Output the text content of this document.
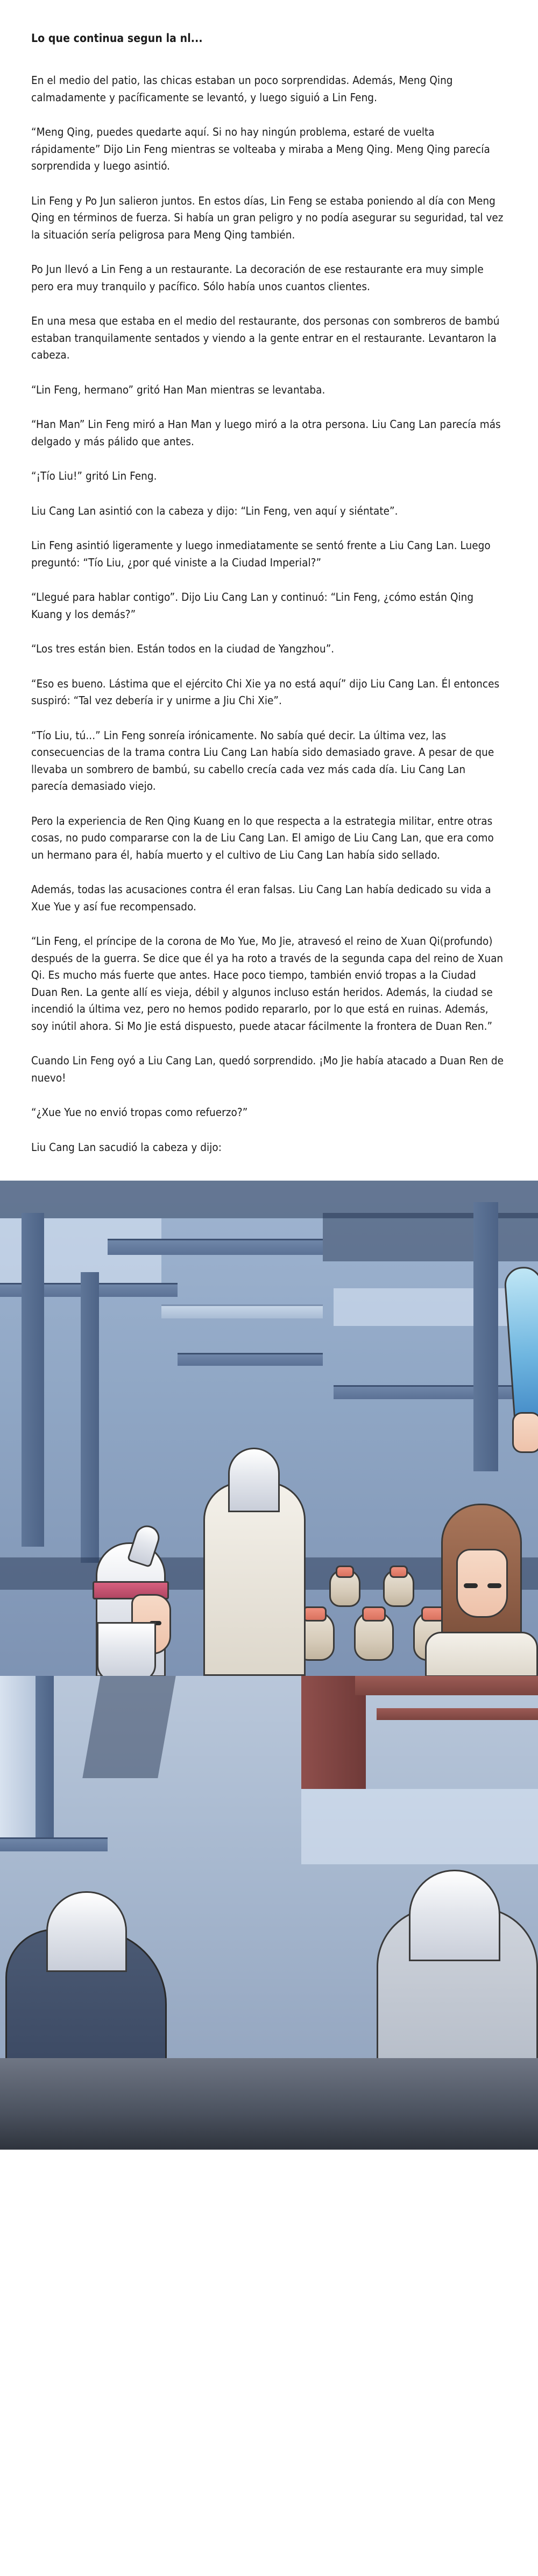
Lo que continua segun la nl...

En el medio del patio, las chicas estaban un poco sorprendidas. Además, Meng Qing calmadamente y pacíficamente se levantó, y luego siguió a Lin Feng.

“Meng Qing, puedes quedarte aquí. Si no hay ningún problema, estaré de vuelta rápidamente” Dijo Lin Feng mientras se volteaba y miraba a Meng Qing. Meng Qing parecía sorprendida y luego asintió.

Lin Feng y Po Jun salieron juntos. En estos días, Lin Feng se estaba poniendo al día con Meng Qing en términos de fuerza. Si había un gran peligro y no podía asegurar su seguridad, tal vez la situación sería peligrosa para Meng Qing también.

Po Jun llevó a Lin Feng a un restaurante. La decoración de ese restaurante era muy simple pero era muy tranquilo y pacífico. Sólo había unos cuantos clientes.

En una mesa que estaba en el medio del restaurante, dos personas con sombreros de bambú estaban tranquilamente sentados y viendo a la gente entrar en el restaurante. Levantaron la cabeza.

“Lin Feng, hermano” gritó Han Man mientras se levantaba.

“Han Man” Lin Feng miró a Han Man y luego miró a la otra persona. Liu Cang Lan parecía más delgado y más pálido que antes.

“¡Tío Liu!” gritó Lin Feng.

Liu Cang Lan asintió con la cabeza y dijo: “Lin Feng, ven aquí y siéntate”.

Lin Feng asintió ligeramente y luego inmediatamente se sentó frente a Liu Cang Lan. Luego preguntó: “Tío Liu, ¿por qué viniste a la Ciudad Imperial?”

“Llegué para hablar contigo”. Dijo Liu Cang Lan y continuó: “Lin Feng, ¿cómo están Qing Kuang y los demás?”

“Los tres están bien. Están todos en la ciudad de Yangzhou”.

“Eso es bueno. Lástima que el ejército Chi Xie ya no está aquí” dijo Liu Cang Lan. Él entonces suspiró: “Tal vez debería ir y unirme a Jiu Chi Xie”.

“Tío Liu, tú...” Lin Feng sonreía irónicamente. No sabía qué decir. La última vez, las consecuencias de la trama contra Liu Cang Lan había sido demasiado grave. A pesar de que llevaba un sombrero de bambú, su cabello crecía cada vez más cada día. Liu Cang Lan parecía demasiado viejo.

Pero la experiencia de Ren Qing Kuang en lo que respecta a la estrategia militar, entre otras cosas, no pudo compararse con la de Liu Cang Lan. El amigo de Liu Cang Lan, que era como un hermano para él, había muerto y el cultivo de Liu Cang Lan había sido sellado.

Además, todas las acusaciones contra él eran falsas. Liu Cang Lan había dedicado su vida a Xue Yue y así fue recompensado.

“Lin Feng, el príncipe de la corona de Mo Yue, Mo Jie, atravesó el reino de Xuan Qi(profundo) después de la guerra. Se dice que él ya ha roto a través de la segunda capa del reino de Xuan Qi. Es mucho más fuerte que antes. Hace poco tiempo, también envió tropas a la Ciudad Duan Ren. La gente allí es vieja, débil y algunos incluso están heridos. Además, la ciudad se incendió la última vez, pero no hemos podido repararlo, por lo que está en ruinas. Además, soy inútil ahora. Si Mo Jie está dispuesto, puede atacar fácilmente la frontera de Duan Ren.”

Cuando Lin Feng oyó a Liu Cang Lan, quedó sorprendido. ¡Mo Jie había atacado a Duan Ren de nuevo!

“¿Xue Yue no envió tropas como refuerzo?”

Liu Cang Lan sacudió la cabeza y dijo:
